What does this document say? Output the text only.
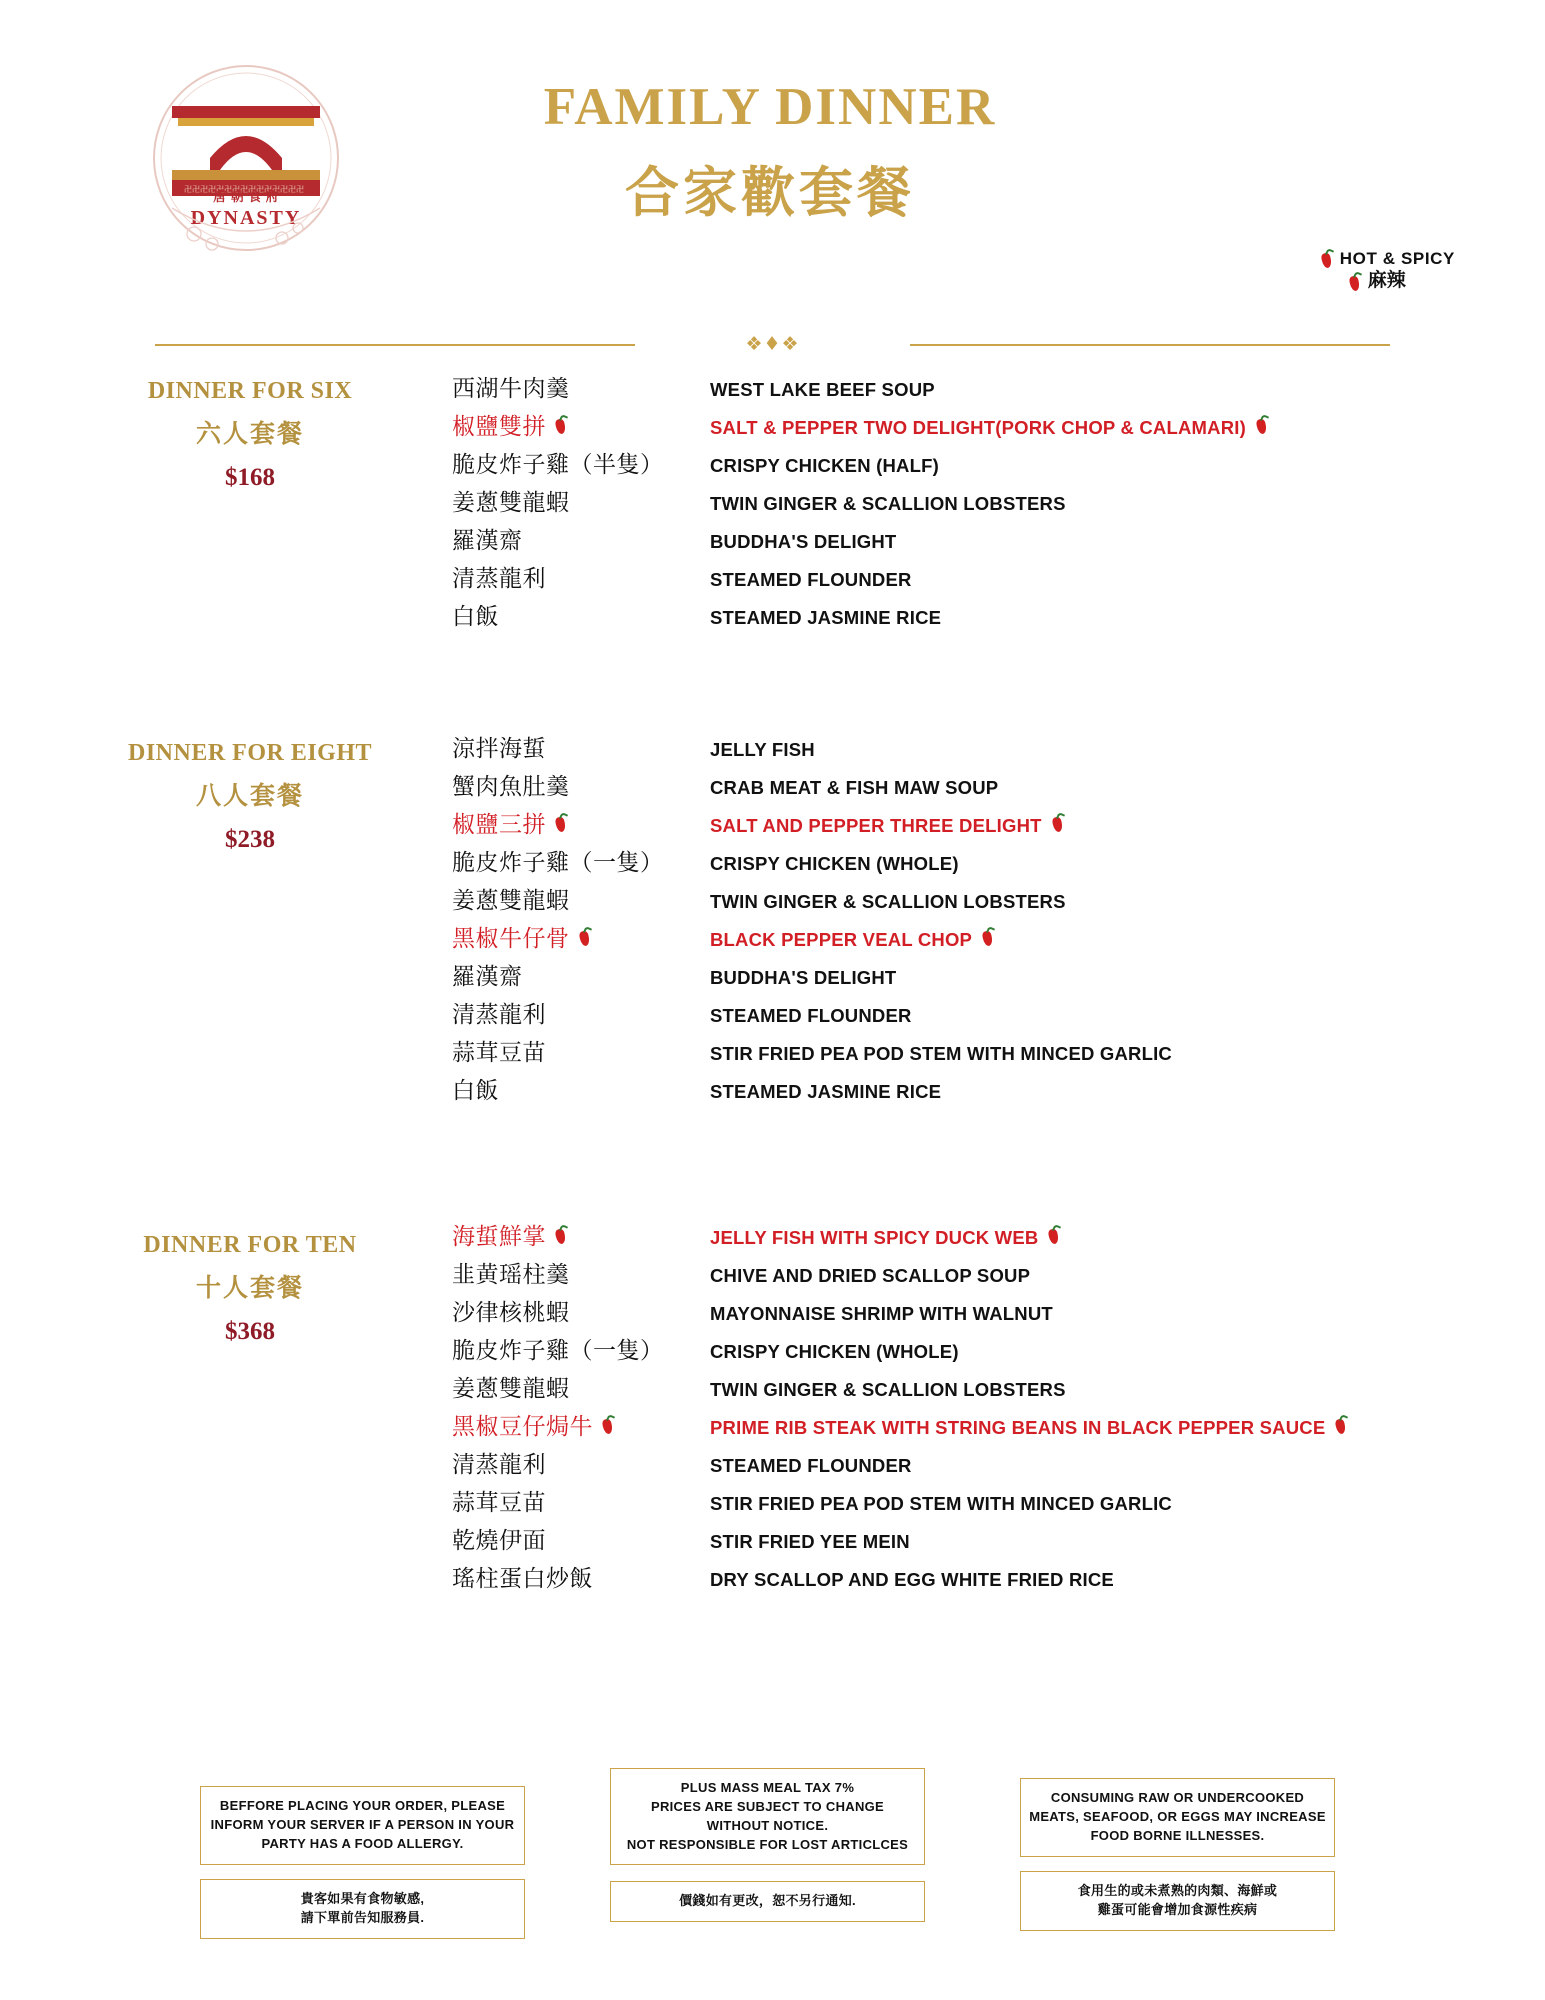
卍卍卍卍卍卍卍卍卍卍卍卍卍卍卍
唐 朝 食 府
DYNASTY
FAMILY DINNER
合家歡套餐
HOT & SPICY
麻辣
❖♦❖
DINNER FOR SIX
六人套餐
$168
西湖牛肉羹	WEST LAKE BEEF SOUP
椒鹽雙拼	SALT & PEPPER TWO DELIGHT(PORK CHOP & CALAMARI)
脆皮炸子雞 （半隻）	CRISPY CHICKEN (HALF)
姜蔥雙龍蝦	TWIN GINGER & SCALLION LOBSTERS
羅漢齋	BUDDHA'S DELIGHT
清蒸龍利	STEAMED FLOUNDER
白飯	STEAMED JASMINE RICE
DINNER FOR EIGHT
八人套餐
$238
涼拌海蜇	JELLY FISH
蟹肉魚肚羹	CRAB MEAT & FISH MAW SOUP
椒鹽三拼	SALT AND PEPPER THREE DELIGHT
脆皮炸子雞 （一隻）	CRISPY CHICKEN (WHOLE)
姜蔥雙龍蝦	TWIN GINGER & SCALLION LOBSTERS
黑椒牛仔骨	BLACK PEPPER VEAL CHOP
羅漢齋	BUDDHA'S DELIGHT
清蒸龍利	STEAMED FLOUNDER
蒜茸豆苗	STIR FRIED PEA POD STEM WITH MINCED GARLIC
白飯	STEAMED JASMINE RICE
DINNER FOR TEN
十人套餐
$368
海蜇鮮掌	JELLY FISH WITH SPICY DUCK WEB
韭黄瑶柱羹	CHIVE AND DRIED SCALLOP SOUP
沙律核桃蝦	MAYONNAISE SHRIMP WITH WALNUT
脆皮炸子雞 （一隻）	CRISPY CHICKEN (WHOLE)
姜蔥雙龍蝦	TWIN GINGER & SCALLION LOBSTERS
黑椒豆仔焗牛	PRIME RIB STEAK WITH STRING BEANS IN BLACK PEPPER SAUCE
清蒸龍利	STEAMED FLOUNDER
蒜茸豆苗	STIR FRIED PEA POD STEM WITH MINCED GARLIC
乾燒伊面	STIR FRIED YEE MEIN
瑤柱蛋白炒飯	DRY SCALLOP AND EGG WHITE FRIED RICE
BEFFORE PLACING YOUR ORDER, PLEASE INFORM YOUR SERVER IF A PERSON IN YOUR PARTY HAS A FOOD ALLERGY.
貴客如果有食物敏感,
請下單前告知服務員.
PLUS MASS MEAL TAX 7%
PRICES ARE SUBJECT TO CHANGE WITHOUT NOTICE.
NOT RESPONSIBLE FOR LOST ARTICLCES
價錢如有更改，恕不另行通知.
CONSUMING RAW OR UNDERCOOKED MEATS, SEAFOOD, OR EGGS MAY INCREASE FOOD BORNE ILLNESSES.
食用生的或未煮熟的肉類、海鮮或
雞蛋可能會增加食源性疾病
